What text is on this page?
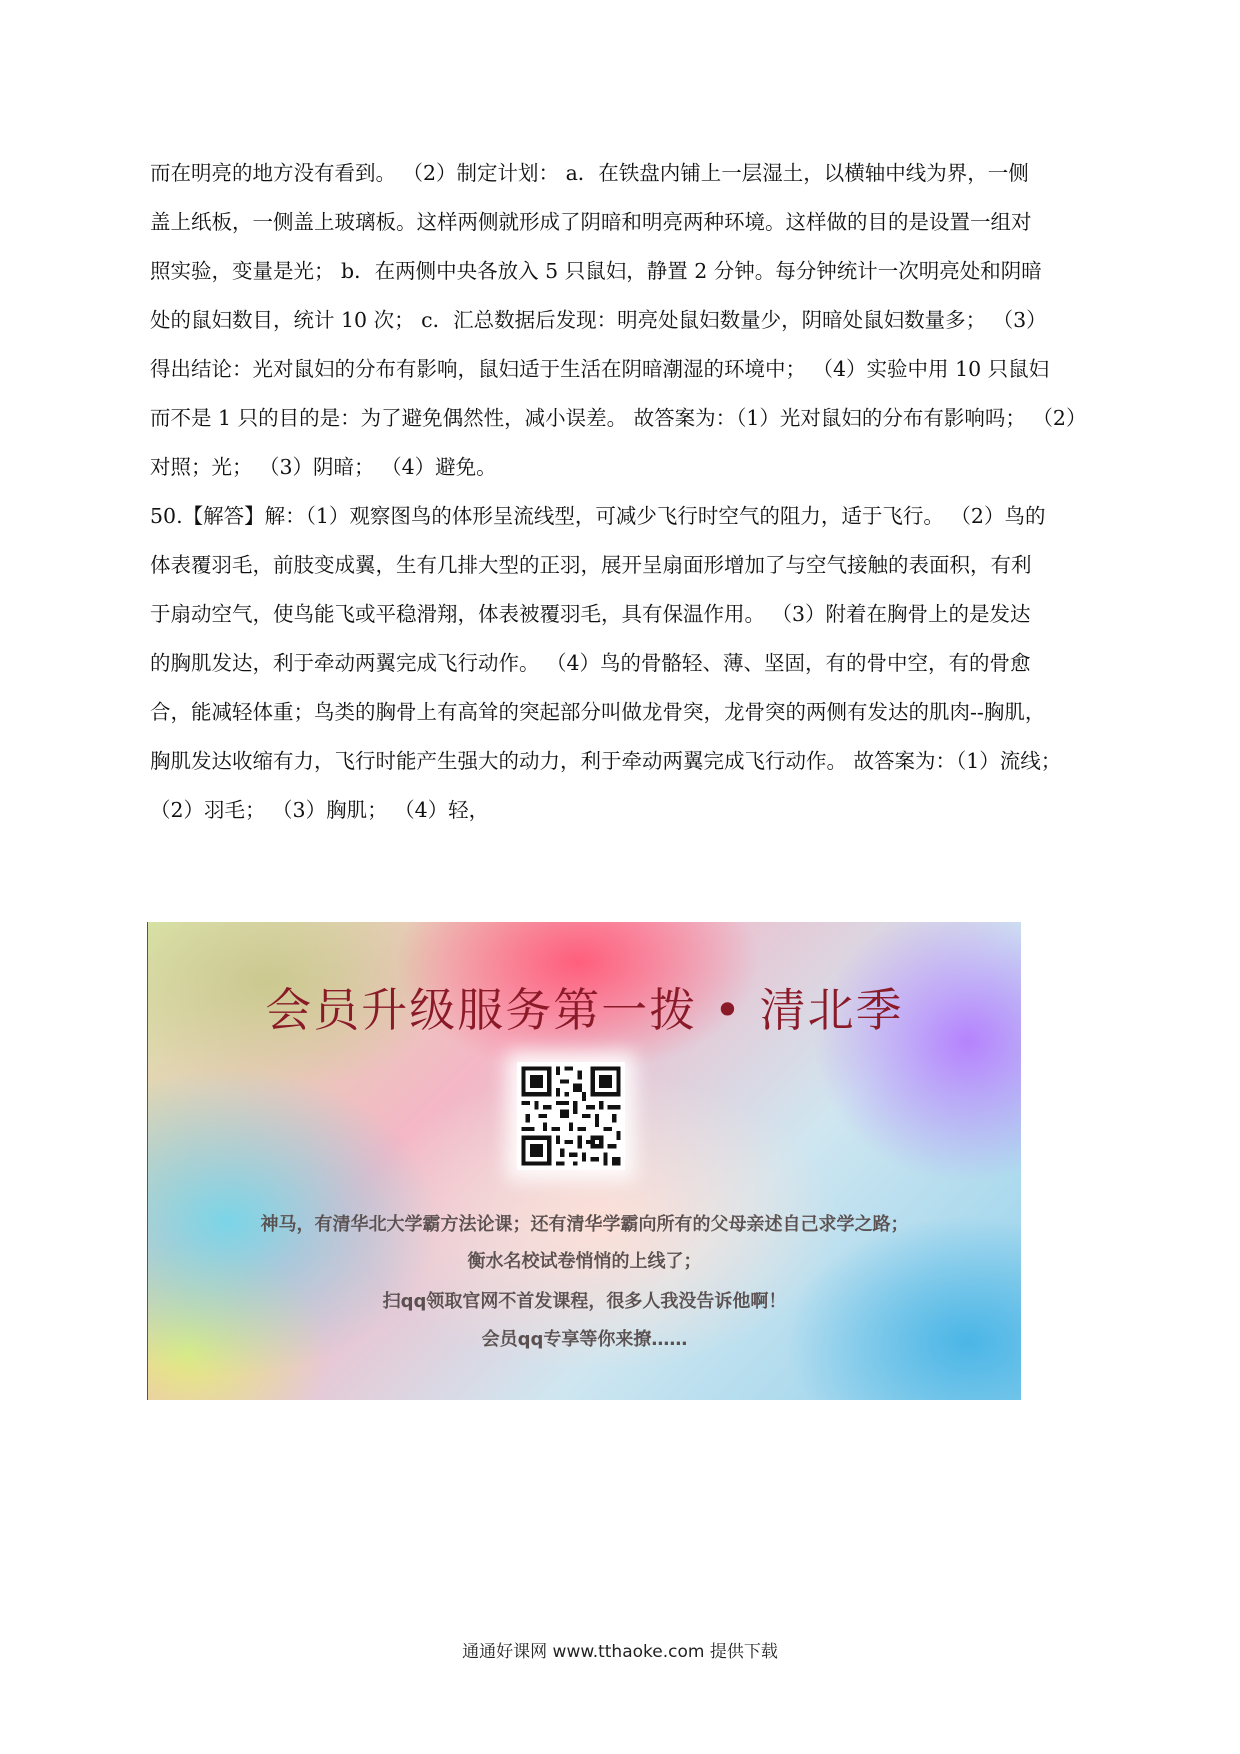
而在明亮的地方没有看到。 （2）制定计划： a．在铁盘内铺上一层湿土，以横轴中线为界，一侧
盖上纸板，一侧盖上玻璃板。这样两侧就形成了阴暗和明亮两种环境。这样做的目的是设置一组对
照实验，变量是光； b．在两侧中央各放入 5 只鼠妇，静置 2 分钟。每分钟统计一次明亮处和阴暗
处的鼠妇数目，统计 10 次； c．汇总数据后发现：明亮处鼠妇数量少，阴暗处鼠妇数量多； （3）
得出结论：光对鼠妇的分布有影响，鼠妇适于生活在阴暗潮湿的环境中； （4）实验中用 10 只鼠妇
而不是 1 只的目的是：为了避免偶然性，减小误差。 故答案为：（1）光对鼠妇的分布有影响吗； （2）
对照；光； （3）阴暗； （4）避免。
50.【解答】解：（1）观察图鸟的体形呈流线型，可减少飞行时空气的阻力，适于飞行。 （2）鸟的
体表覆羽毛，前肢变成翼，生有几排大型的正羽，展开呈扇面形增加了与空气接触的表面积，有利
于扇动空气，使鸟能飞或平稳滑翔，体表被覆羽毛，具有保温作用。 （3）附着在胸骨上的是发达
的胸肌发达，利于牵动两翼完成飞行动作。 （4）鸟的骨骼轻、薄、坚固，有的骨中空，有的骨愈
合，能减轻体重；鸟类的胸骨上有高耸的突起部分叫做龙骨突，龙骨突的两侧有发达的肌肉--胸肌，
胸肌发达收缩有力，飞行时能产生强大的动力，利于牵动两翼完成飞行动作。 故答案为：（1）流线；
（2）羽毛； （3）胸肌； （4）轻，
会员升级服务第一拨 • 清北季
神马，有清华北大学霸方法论课；还有清华学霸向所有的父母亲述自己求学之路；
衡水名校试卷悄悄的上线了；
扫qq领取官网不首发课程，很多人我没告诉他啊！
会员qq专享等你来撩……
通通好课网 www.tthaoke.com 提供下载
